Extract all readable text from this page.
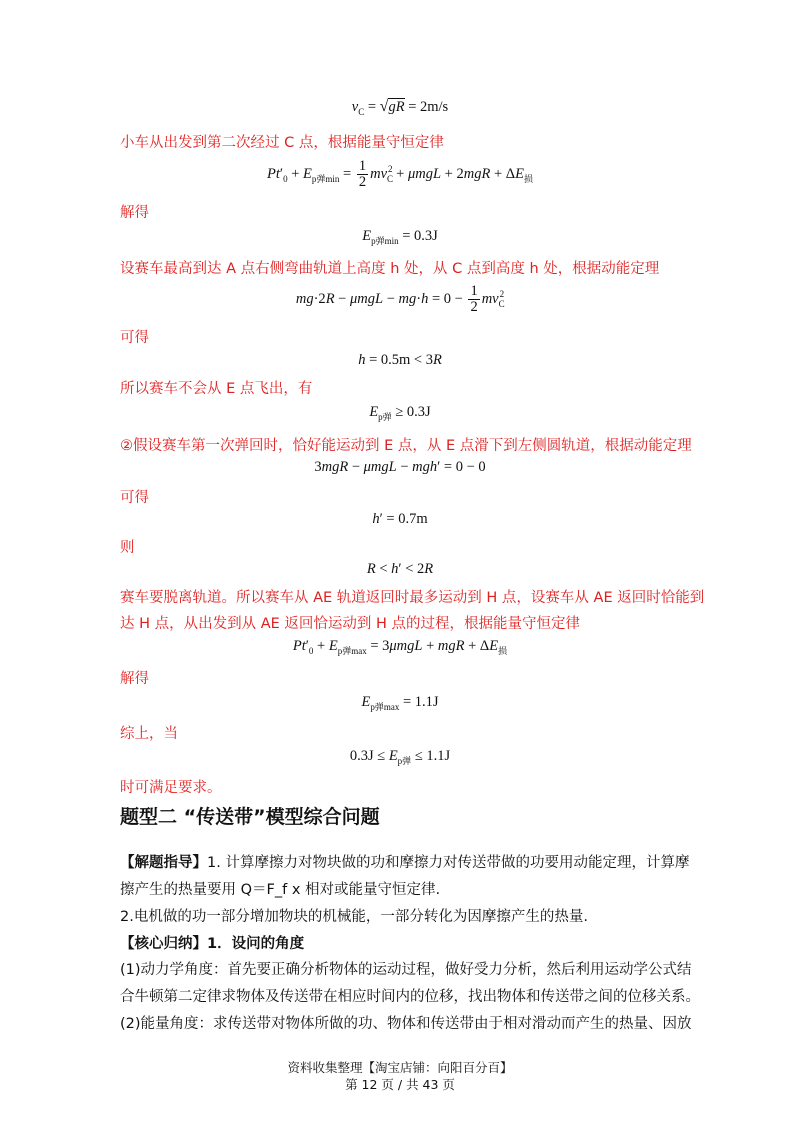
$v_C = √gR = 2m/s$
小车从出发到第二次经过 C 点，根据能量守恒定律
$Pt'_0 + E_{p弹min} = \frac{1}{2} mv_C^2 + \mu mgL + 2mgR + \Delta E_损$
解得
$E_{p弹min} = 0.3J$
设赛车最高到达 A 点右侧弯曲轨道上高度 h 处，从 C 点到高度 h 处，根据动能定理
$mg\cdot 2R - \mu mgL - mg\cdot h = 0 - \frac{1}{2} mv_C^2$
可得
h = 0.5m < 3R
所以赛车不会从 E 点飞出，有
$E_{p弹} \ge 0.3J$
②假设赛车第一次弹回时，恰好能运动到 E 点，从 E 点滑下到左侧圆轨道，根据动能定理
3mgR − μmgL − mgh′ = 0 − 0
可得
h′ = 0.7m
则
R < h′ < 2R
赛车要脱离轨道。所以赛车从 AE 轨道返回时最多运动到 H 点，设赛车从 AE 返回时恰能到
达 H 点，从出发到从 AE 返回恰运动到 H 点的过程，根据能量守恒定律
$Pt'_0 + E_{p弹max} = 3\mu mgL$ + mgR + $\Delta E_损$
解得
$E_{p弹max} = 1.1J$
综上，当
$0.3J \le E_{p弹} \le 1.1J$
时可满足要求。
题型二 “传送带”模型综合问题
【解题指导】1. 计算摩擦力对物块做的功和摩擦力对传送带做的功要用动能定理，计算摩
擦产生的热量要用 Q＝F_f x 相对或能量守恒定律.
2.电机做的功一部分增加物块的机械能，一部分转化为因摩擦产生的热量.
【核心归纳】1．设问的角度
(1)动力学角度：首先要正确分析物体的运动过程，做好受力分析，然后利用运动学公式结
合牛顿第二定律求物体及传送带在相应时间内的位移，找出物体和传送带之间的位移关系。
(2)能量角度：求传送带对物体所做的功、物体和传送带由于相对滑动而产生的热量、因放
资料收集整理【淘宝店铺：向阳百分百】
第 12 页 / 共 43 页
